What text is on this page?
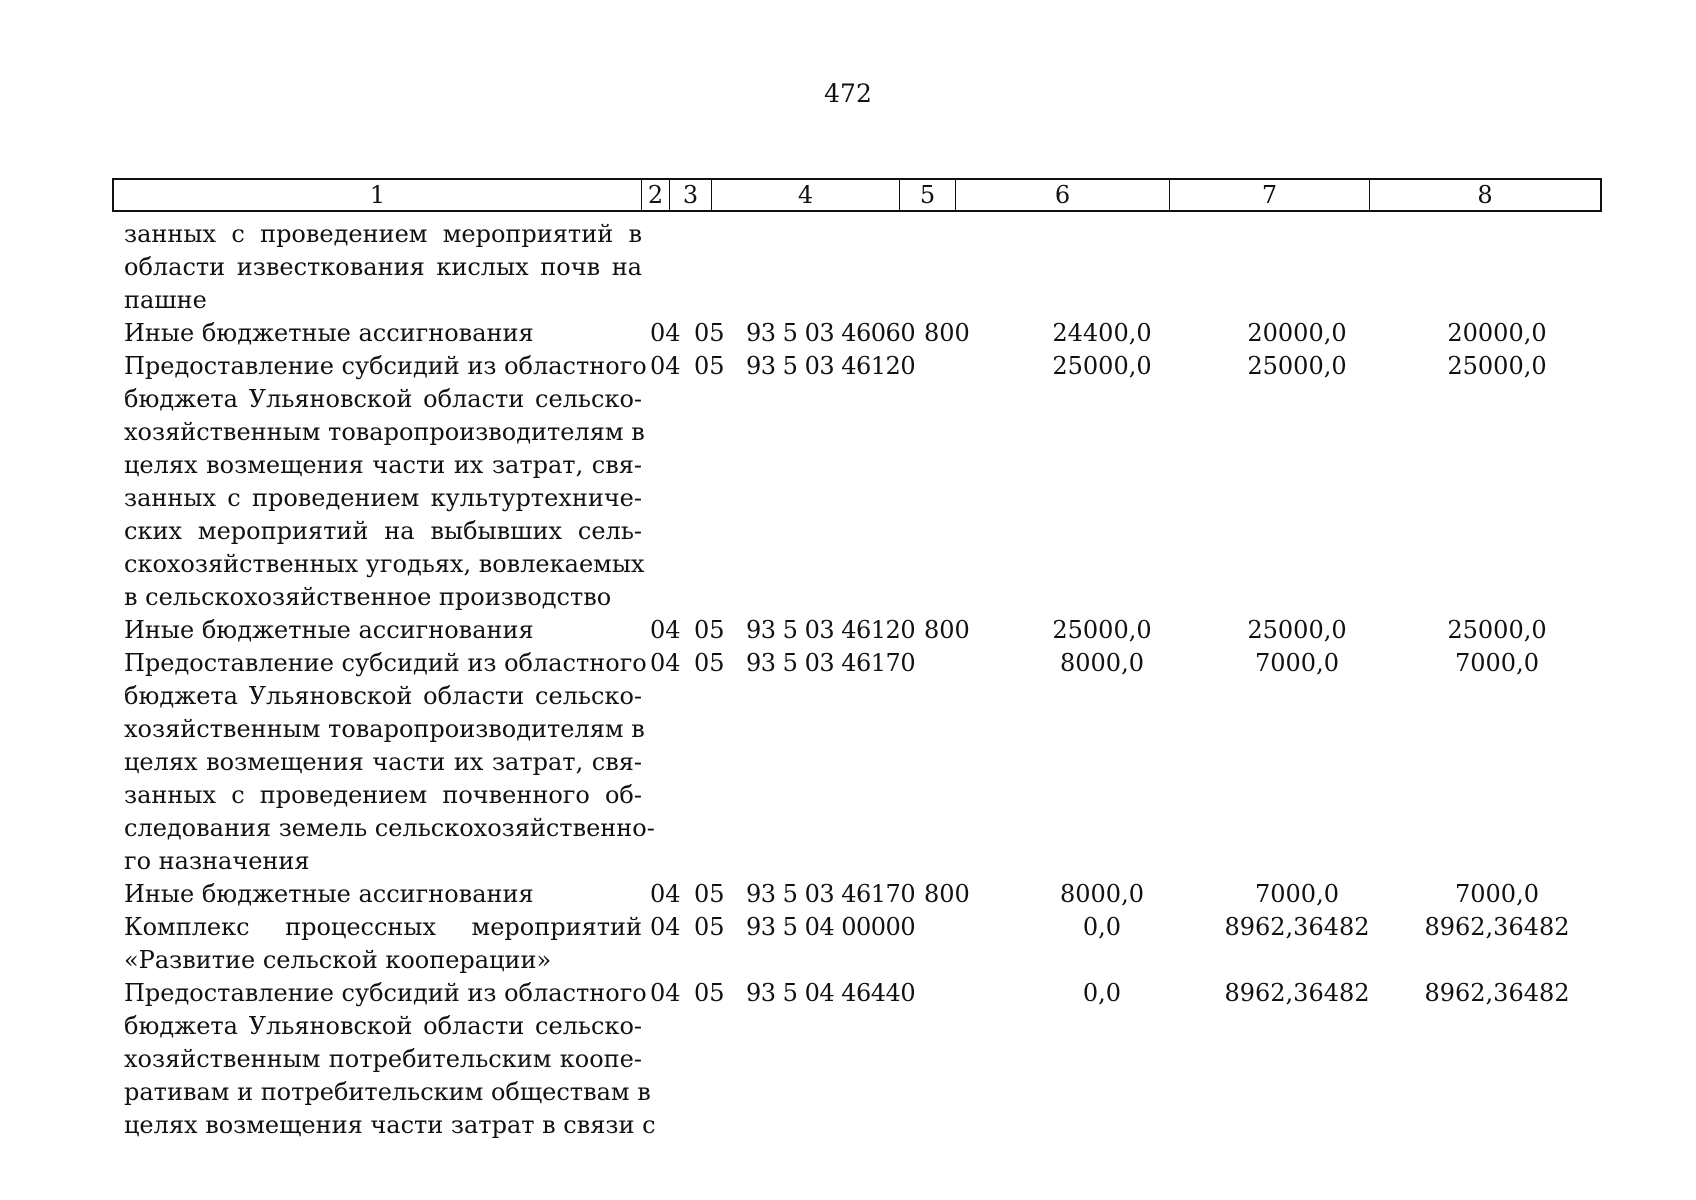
472
1	2 3	4	5	6	7	8
занных с проведением мероприятий в
области известкования кислых почв на
пашне
Иные бюджетные ассигнования	04 05 93 5 03 46060 800	24400,0	20000,0	20000,0
Предоставление субсидий из областного
бюджета Ульяновской области сельско-
хозяйственным товаропроизводителям в
целях возмещения части их затрат, свя-
занных с проведением культуртехниче-
ских мероприятий на выбывших сель-
скохозяйственных угодьях, вовлекаемых
в сельскохозяйственное производство
04 05 93 5 03 46120	25000,0	25000,0	25000,0
Иные бюджетные ассигнования	04 05 93 5 03 46120 800	25000,0	25000,0	25000,0
Предоставление субсидий из областного
бюджета Ульяновской области сельско-
хозяйственным товаропроизводителям в
целях возмещения части их затрат, свя-
занных с проведением почвенного об-
следования земель сельскохозяйственно-
го назначения
04 05 93 5 03 46170	8000,0	7000,0	7000,0
Иные бюджетные ассигнования	04 05 93 5 03 46170 800	8000,0	7000,0	7000,0
Комплекс процессных мероприятий
«Развитие сельской кооперации»
04 05 93 5 04 00000	0,0	8962,36482	8962,36482
Предоставление субсидий из областного
бюджета Ульяновской области сельско-
хозяйственным потребительским коопе-
ративам и потребительским обществам в
целях возмещения части затрат в связи с
04 05 93 5 04 46440	0,0	8962,36482	8962,36482
